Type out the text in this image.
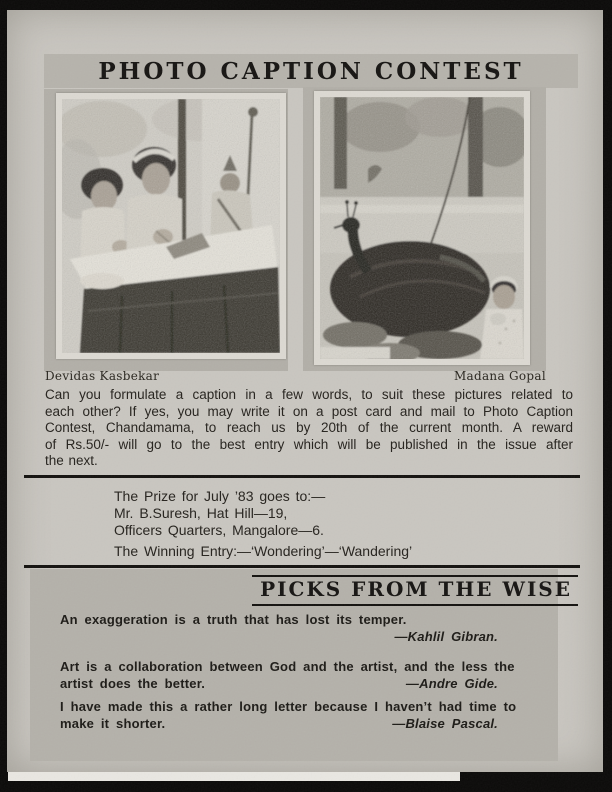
PHOTO CAPTION CONTEST
Devidas Kasbekar	Madana Gopal
Can you formulate a caption in a few words, to suit these pictures related to
each other? If yes, you may write it on a post card and mail to Photo Caption
Contest, Chandamama, to reach us by 20th of the current month. A reward
of Rs.50/- will go to the best entry which will be published in the issue after
the next.
The Prize for July ’83 goes to:—
Mr. B.Suresh, Hat Hill—19,
Officers Quarters, Mangalore—6.
The Winning Entry:—‘Wondering’—‘Wandering’
PICKS FROM THE WISE
An exaggeration is a truth that has lost its temper.
—Kahlil Gibran.
Art is a collaboration between God and the artist, and the less the
artist does the better.	—Andre Gide.
I have made this a rather long letter because I haven’t had time to
make it shorter.	—Blaise Pascal.
